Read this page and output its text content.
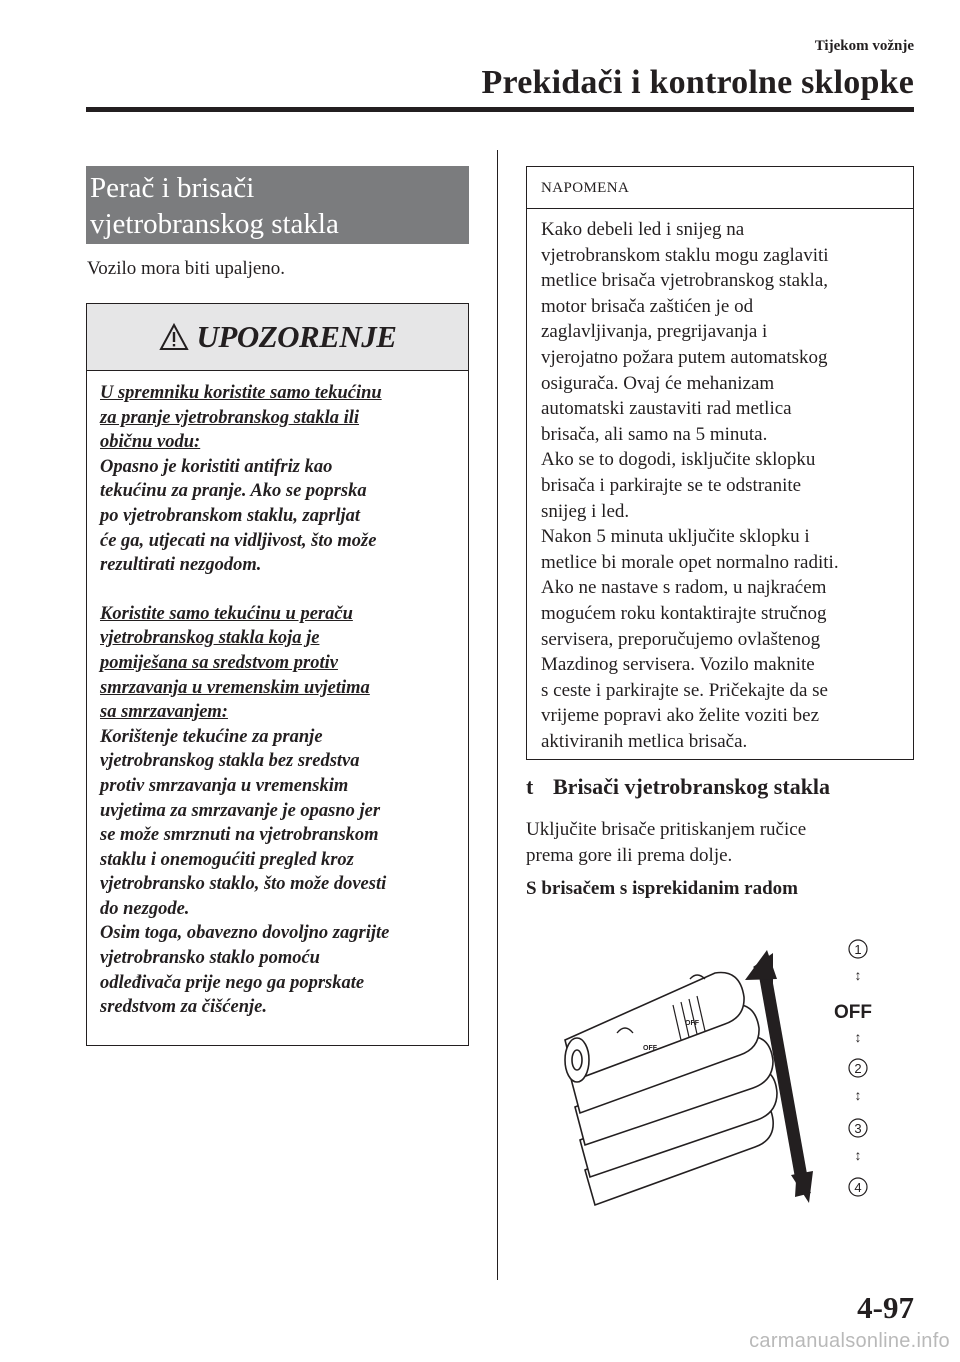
Tijekom vožnje
Prekidači i kontrolne sklopke
Perač i brisači
vjetrobranskog stakla
Vozilo mora biti upaljeno.
UPOZORENJE
U spremniku koristite samo tekućinu
za pranje vjetrobranskog stakla ili
običnu vodu:
Opasno je koristiti antifriz kao
tekućinu za pranje. Ako se poprska
po vjetrobranskom staklu, zaprljat
će ga, utjecati na vidljivost, što može
rezultirati nezgodom.
Koristite samo tekućinu u peraču
vjetrobranskog stakla koja je
pomiješana sa sredstvom protiv
smrzavanja u vremenskim uvjetima
sa smrzavanjem:
Korištenje tekućine za pranje
vjetrobranskog stakla bez sredstva
protiv smrzavanja u vremenskim
uvjetima za smrzavanje je opasno jer
se može smrznuti na vjetrobranskom
staklu i onemogućiti pregled kroz
vjetrobransko staklo, što može dovesti
do nezgode.
Osim toga, obavezno dovoljno zagrijte
vjetrobransko staklo pomoću
odleđivača prije nego ga poprskate
sredstvom za čišćenje.
NAPOMENA
Kako debeli led i snijeg na
vjetrobranskom staklu mogu zaglaviti
metlice brisača vjetrobranskog stakla,
motor brisača zaštićen je od
zaglavljivanja, pregrijavanja i
vjerojatno požara putem automatskog
osigurača. Ovaj će mehanizam
automatski zaustaviti rad metlica
brisača, ali samo na 5 minuta.
Ako se to dogodi, isključite sklopku
brisača i parkirajte se te odstranite
snijeg i led.
Nakon 5 minuta uključite sklopku i
metlice bi morale opet normalno raditi.
Ako ne nastave s radom, u najkraćem
mogućem roku kontaktirajte stručnog
servisera, preporučujemo ovlaštenog
Mazdinog servisera. Vozilo maknite
s ceste i parkirajte se. Pričekajte da se
vrijeme popravi ako želite voziti bez
aktiviranih metlica brisača.
t Brisači vjetrobranskog stakla
Uključite brisače pritiskanjem ručice
prema gore ili prema dolje.
S brisačem s isprekidanim radom
OFF
OFF
1
↕
OFF
↕
2
↕
3
↕
4
4-97
carmanualsonline.info
